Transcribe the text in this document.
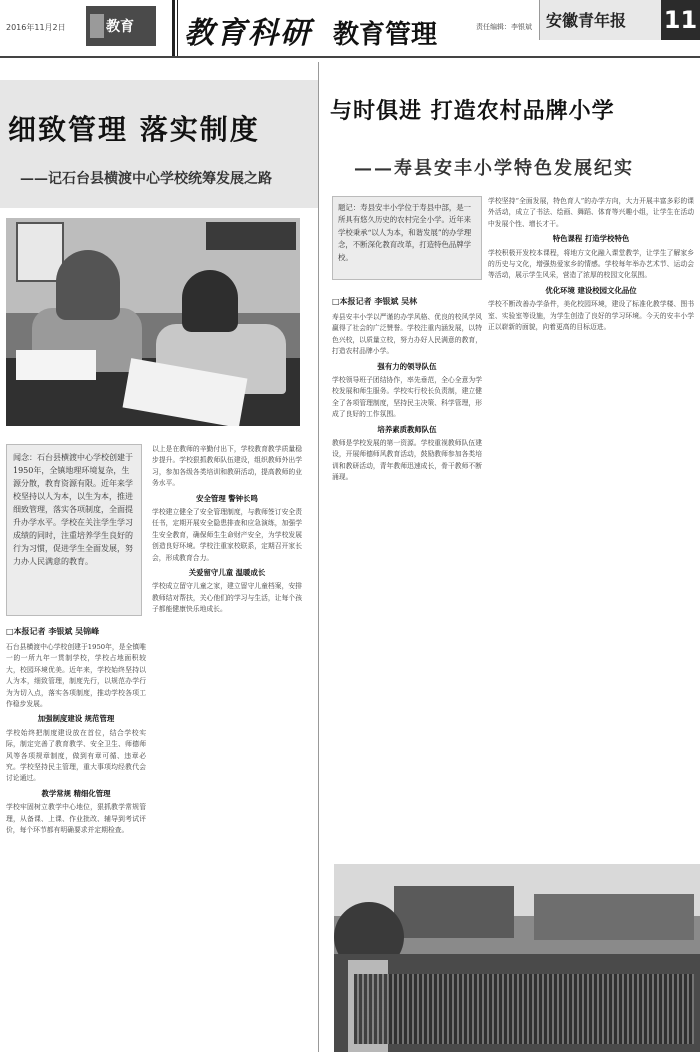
2016年11月2日	教育 教育科研 教育管理	责任编辑：李银斌 安徽青年报 11
细致管理 落实制度
——记石台县横渡中心学校统筹发展之路
闻念：石台县横渡中心学校创建于1950年，全镇地理环境复杂，生源分散，教育资源有限。近年来学校坚持以人为本，以生为本，推进细致管理，落实各项制度，全面提升办学水平。学校在关注学生学习成绩的同时，注重培养学生良好的行为习惯，促进学生全面发展，努力办人民满意的教育。
□本报记者 李银斌 吴锦峰

石台县横渡中心学校创建于1950年，是全镇唯一的一所九年一贯制学校，学校占地面积较大，校园环境优美。近年来，学校始终坚持以人为本，细致管理，制度先行，以规范办学行为为切入点，落实各项制度，推动学校各项工作稳步发展。

加强制度建设 规范管理

学校始终把制度建设放在首位，结合学校实际，制定完善了教育教学、安全卫生、师德师风等各项规章制度，做到有章可循、违章必究。学校坚持民主管理，重大事项均经教代会讨论通过。

教学常规 精细化管理

学校牢固树立教学中心地位，狠抓教学常规管理，从备课、上课、作业批改、辅导到考试评价，每个环节都有明确要求并定期检查。

以上是在教师的辛勤付出下，学校教育教学质量稳步提升。学校狠抓教师队伍建设，组织教师外出学习，参加各级各类培训和教研活动，提高教师的业务水平。

安全管理 警钟长鸣

学校建立健全了安全管理制度，与教师签订安全责任书，定期开展安全隐患排查和应急演练，加强学生安全教育，确保师生生命财产安全，为学校发展创造良好环境。学校注重家校联系，定期召开家长会，形成教育合力。

关爱留守儿童 温暖成长

学校成立留守儿童之家，建立留守儿童档案，安排教师结对帮扶，关心他们的学习与生活，让每个孩子都能健康快乐地成长。

与时俱进 打造农村品牌小学
——寿县安丰小学特色发展纪实
题记：寿县安丰小学位于寿县中部，是一所具有悠久历史的农村完全小学。近年来学校秉承“以人为本，和谐发展”的办学理念，不断深化教育改革，打造特色品牌学校。
□本报记者 李银斌 吴林

寿县安丰小学以严谨的办学风格、优良的校风学风赢得了社会的广泛赞誉。学校注重内涵发展，以特色兴校，以质量立校，努力办好人民满意的教育，打造农村品牌小学。

强有力的领导队伍

学校领导班子团结协作，率先垂范，全心全意为学校发展和师生服务。学校实行校长负责制，建立健全了各项管理制度，坚持民主决策、科学管理，形成了良好的工作氛围。

培养素质教师队伍

教师是学校发展的第一资源。学校重视教师队伍建设，开展师德师风教育活动，鼓励教师参加各类培训和教研活动，青年教师迅速成长，骨干教师不断涌现。

学校坚持“全面发展，特色育人”的办学方向，大力开展丰富多彩的课外活动，成立了书法、绘画、舞蹈、体育等兴趣小组，让学生在活动中发展个性、增长才干。

特色课程 打造学校特色

学校积极开发校本课程，将地方文化融入课堂教学，让学生了解家乡的历史与文化，增强热爱家乡的情感。学校每年举办艺术节、运动会等活动，展示学生风采，营造了浓厚的校园文化氛围。

优化环境 建设校园文化品位

学校不断改善办学条件，美化校园环境，建设了标准化教学楼、图书室、实验室等设施，为学生创造了良好的学习环境。今天的安丰小学正以崭新的面貌，向着更高的目标迈进。
